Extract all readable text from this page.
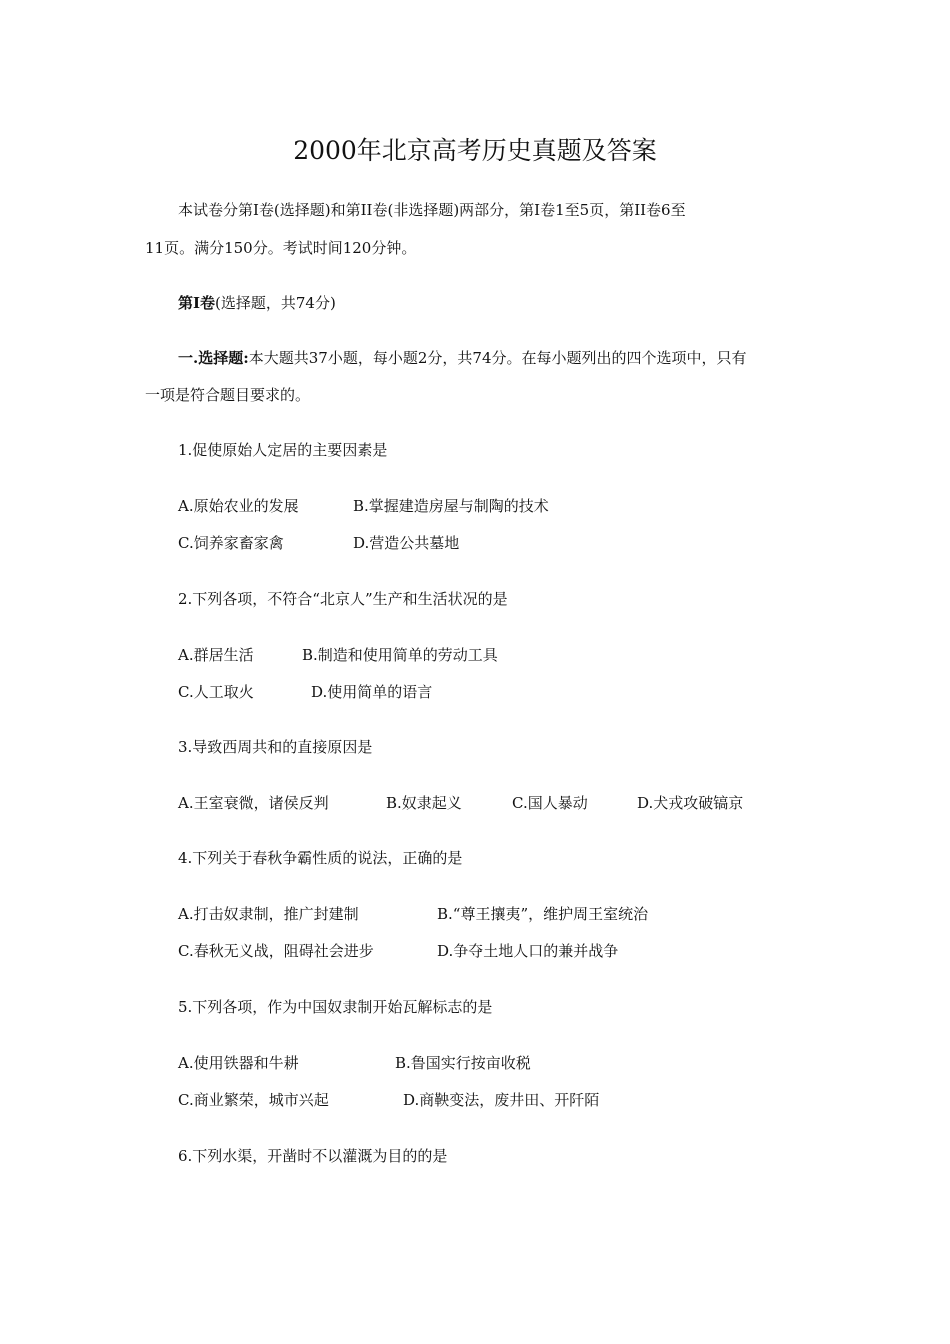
2000年北京高考历史真题及答案
本试卷分第Ⅰ卷(选择题)和第II卷(非选择题)两部分，第Ⅰ卷1至5页，第II卷6至
11页。满分150分。考试时间120分钟。
第Ⅰ卷(选择题，共74分)
一.选择题:本大题共37小题，每小题2分，共74分。在每小题列出的四个选项中，只有
一项是符合题目要求的。
1.促使原始人定居的主要因素是
A.原始农业的发展	B.掌握建造房屋与制陶的技术
C.饲养家畜家禽	D.营造公共墓地
2.下列各项，不符合“北京人”生产和生活状况的是
A.群居生活	B.制造和使用简单的劳动工具
C.人工取火	D.使用简单的语言
3.导致西周共和的直接原因是
A.王室衰微，诸侯反判	B.奴隶起义	C.国人暴动	D.犬戎攻破镐京
4.下列关于春秋争霸性质的说法，正确的是
A.打击奴隶制，推广封建制	B.“尊王攘夷”，维护周王室统治
C.春秋无义战，阻碍社会进步	D.争夺土地人口的兼并战争
5.下列各项，作为中国奴隶制开始瓦解标志的是
A.使用铁器和牛耕	B.鲁国实行按亩收税
C.商业繁荣，城市兴起	D.商鞅变法，废井田、开阡陌
6.下列水渠，开凿时不以灌溉为目的的是
